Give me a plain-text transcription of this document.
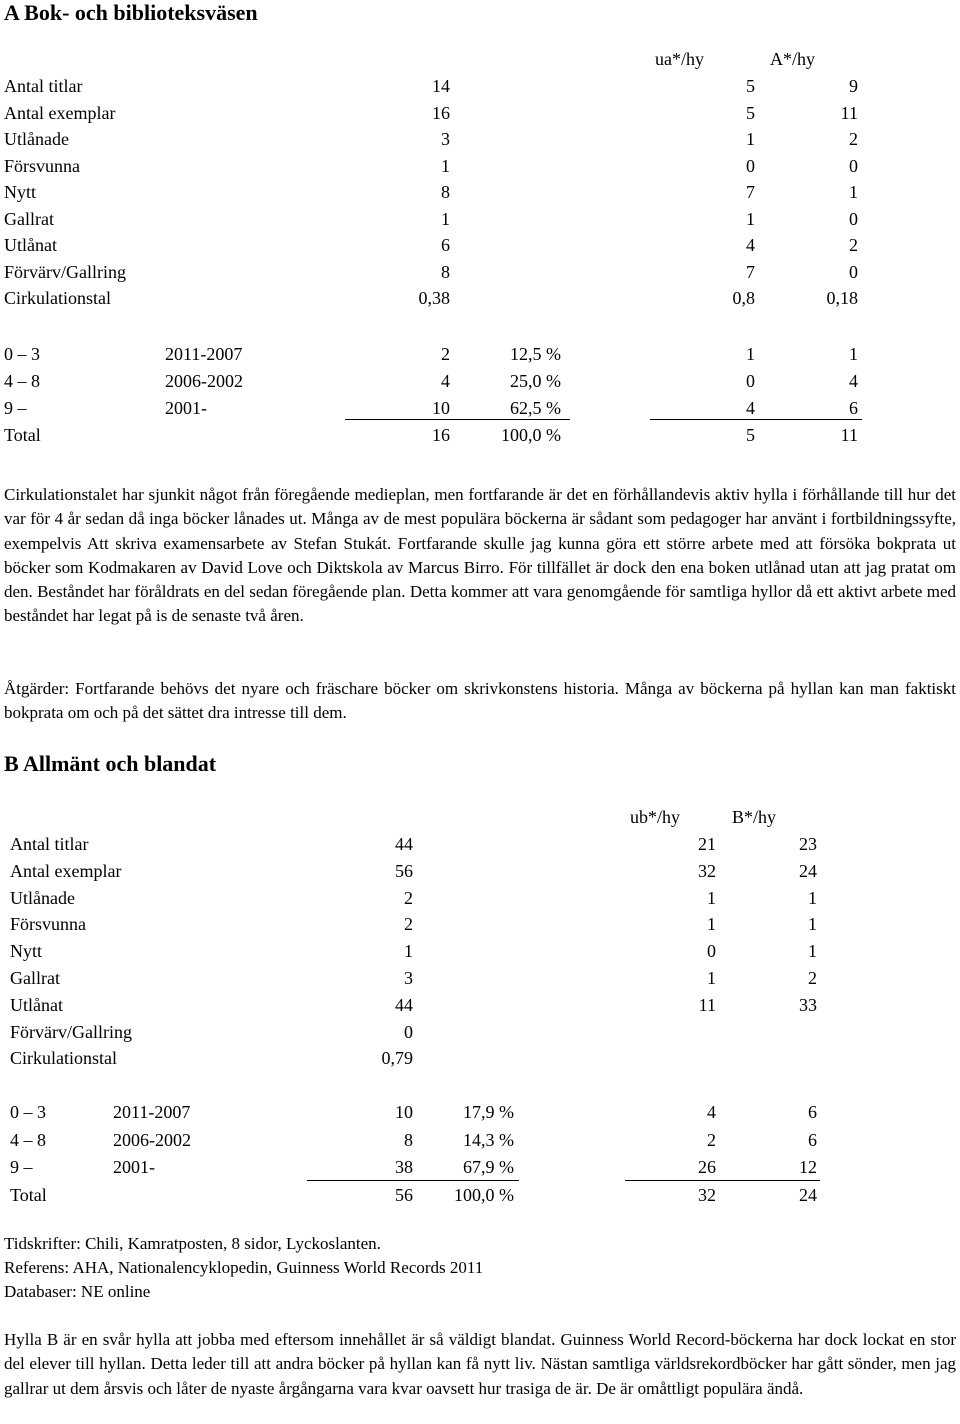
A Bok- och biblioteksväsen
ua*/hy	A*/hy
Antal titlar	14	5	9
Antal exemplar	16	5	11
Utlånade	3	1	2
Försvunna	1	0	0
Nytt	8	7	1
Gallrat	1	1	0
Utlånat	6	4	2
Förvärv/Gallring	8	7	0
Cirkulationstal	0,38	0,8	0,18
0 – 3	2011-2007	2	12,5 %	1	1
4 – 8	2006-2002	4	25,0 %	0	4
9 –	2001-	10	62,5 %	4	6
Total	16	100,0 %	5	11

Cirkulationstalet har sjunkit något från föregående medieplan, men fortfarande är det en förhållandevis aktiv hylla i förhållande till hur det var för 4 år sedan då inga böcker lånades ut. Många av de mest populära böckerna är sådant som pedagoger har använt i fortbildningssyfte, exempelvis Att skriva examensarbete av Stefan Stukát. Fortfarande skulle jag kunna göra ett större arbete med att försöka bokprata ut böcker som Kodmakaren av David Love och Diktskola av Marcus Birro. För tillfället är dock den ena boken utlånad utan att jag pratat om den. Beståndet har föråldrats en del sedan föregående plan. Detta kommer att vara genomgående för samtliga hyllor då ett aktivt arbete med beståndet har legat på is de senaste två åren.

Åtgärder: Fortfarande behövs det nyare och fräschare böcker om skrivkonstens historia. Många av böckerna på hyllan kan man faktiskt bokprata om och på det sättet dra intresse till dem.

B Allmänt och blandat
ub*/hy	B*/hy
Antal titlar	44	21	23
Antal exemplar	56	32	24
Utlånade	2	1	1
Försvunna	2	1	1
Nytt	1	0	1
Gallrat	3	1	2
Utlånat	44	11	33
Förvärv/Gallring	0
Cirkulationstal	0,79
0 – 3	2011-2007	10	17,9 %	4	6
4 – 8	2006-2002	8	14,3 %	2	6
9 –	2001-	38	67,9 %	26	12
Total	56 100,0 %	32	24
Tidskrifter: Chili, Kamratposten, 8 sidor, Lyckoslanten.
Referens: AHA, Nationalencyklopedin, Guinness World Records 2011
Databaser: NE online

Hylla B är en svår hylla att jobba med eftersom innehållet är så väldigt blandat. Guinness World Record-böckerna har dock lockat en stor del elever till hyllan. Detta leder till att andra böcker på hyllan kan få nytt liv. Nästan samtliga världsrekordböcker har gått sönder, men jag gallrar ut dem årsvis och låter de nyaste årgångarna vara kvar oavsett hur trasiga de är. De är omåttligt populära ändå.
